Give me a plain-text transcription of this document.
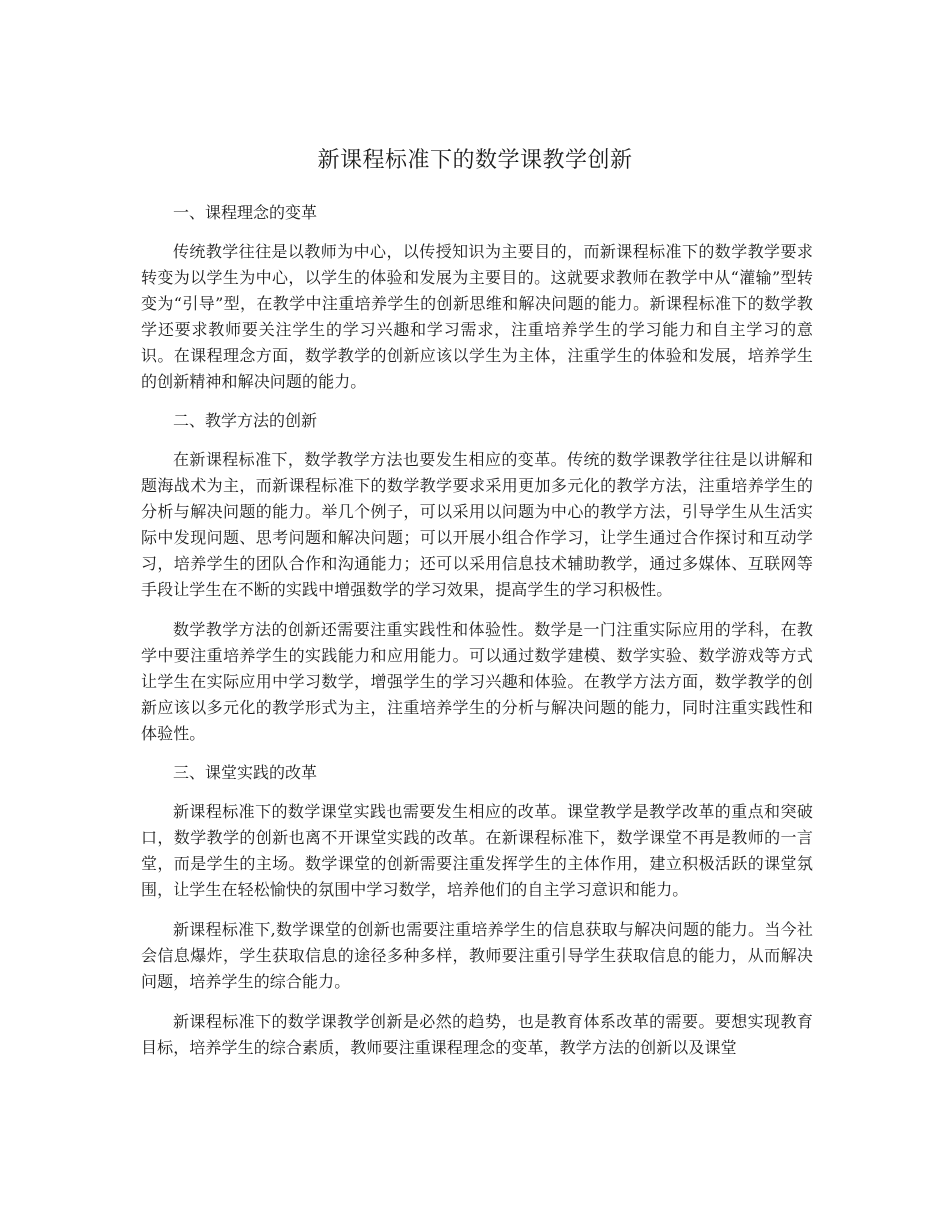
新课程标准下的数学课教学创新

一、课程理念的变革

传统教学往往是以教师为中心，以传授知识为主要目的，而新课程标准下的数学教学要求转变为以学生为中心，以学生的体验和发展为主要目的。这就要求教师在教学中从“灌输”型转变为“引导”型，在教学中注重培养学生的创新思维和解决问题的能力。新课程标准下的数学教学还要求教师要关注学生的学习兴趣和学习需求，注重培养学生的学习能力和自主学习的意识。在课程理念方面，数学教学的创新应该以学生为主体，注重学生的体验和发展，培养学生的创新精神和解决问题的能力。

二、教学方法的创新

在新课程标准下，数学教学方法也要发生相应的变革。传统的数学课教学往往是以讲解和题海战术为主，而新课程标准下的数学教学要求采用更加多元化的教学方法，注重培养学生的分析与解决问题的能力。举几个例子，可以采用以问题为中心的教学方法，引导学生从生活实际中发现问题、思考问题和解决问题；可以开展小组合作学习，让学生通过合作探讨和互动学习，培养学生的团队合作和沟通能力；还可以采用信息技术辅助教学，通过多媒体、互联网等手段让学生在不断的实践中增强数学的学习效果，提高学生的学习积极性。

数学教学方法的创新还需要注重实践性和体验性。数学是一门注重实际应用的学科，在教学中要注重培养学生的实践能力和应用能力。可以通过数学建模、数学实验、数学游戏等方式让学生在实际应用中学习数学，增强学生的学习兴趣和体验。在教学方法方面，数学教学的创新应该以多元化的教学形式为主，注重培养学生的分析与解决问题的能力，同时注重实践性和体验性。

三、课堂实践的改革

新课程标准下的数学课堂实践也需要发生相应的改革。课堂教学是教学改革的重点和突破口，数学教学的创新也离不开课堂实践的改革。在新课程标准下，数学课堂不再是教师的一言堂，而是学生的主场。数学课堂的创新需要注重发挥学生的主体作用，建立积极活跃的课堂氛围，让学生在轻松愉快的氛围中学习数学，培养他们的自主学习意识和能力。

新课程标准下,数学课堂的创新也需要注重培养学生的信息获取与解决问题的能力。当今社会信息爆炸，学生获取信息的途径多种多样，教师要注重引导学生获取信息的能力，从而解决问题，培养学生的综合能力。

新课程标准下的数学课教学创新是必然的趋势，也是教育体系改革的需要。要想实现教育目标，培养学生的综合素质，教师要注重课程理念的变革，教学方法的创新以及课堂
